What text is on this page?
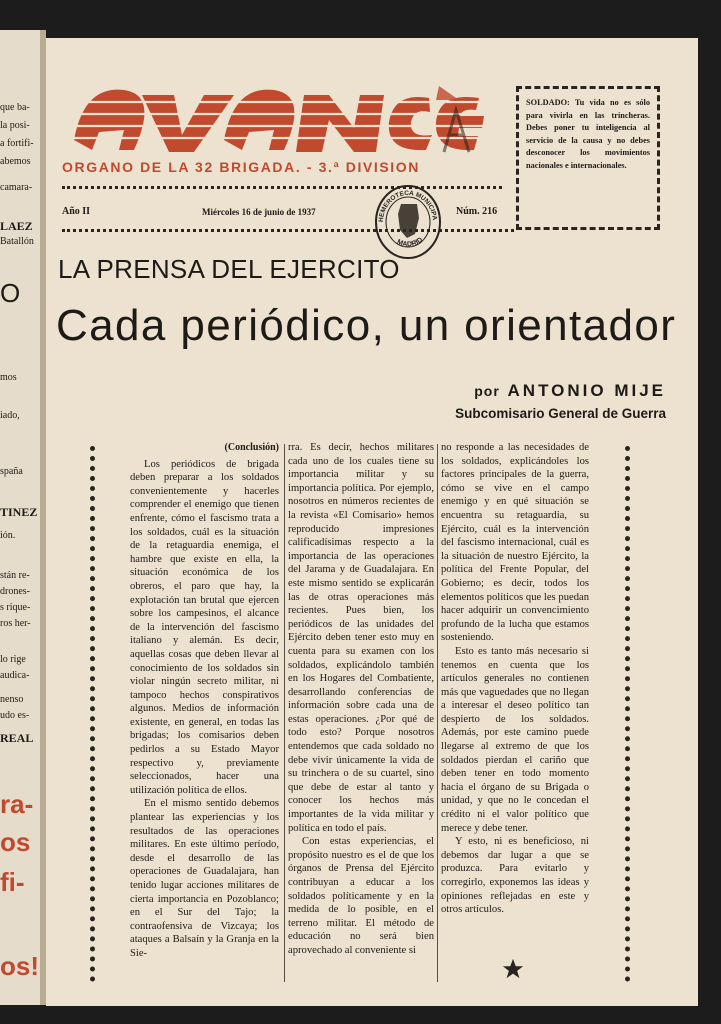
que ba-
la posi-
a fortifi-
abemos
camara-
LAEZ
Batallón
O
mos
iado,
spaña
TINEZ
ión.
stán re-
drones-
s rique-
ros her-
lo rige
audica-
nenso
udo es-
REAL
ra-
os
fi-
os!
ORGANO DE LA 32 BRIGADA. - 3.ª DIVISION
SOLDADO: Tu vida no es sólo para vivirla en las trincheras. Debes poner tu inteligencia al servicio de la causa y no debes desconocer los movimientos nacionales e internacionales.
Año II	Miércoles 16 de junio de 1937	Núm. 216
HEMEROTECA MUNICIPA
MADRID
LA PRENSA DEL EJERCITO
Cada periódico, un orientador
por ANTONIO MIJE
Subcomisario General de Guerra

(Conclusión)

Los periódicos de brigada deben preparar a los soldados convenientemente y hacerles comprender el enemigo que tienen enfrente, cómo el fascismo trata a los soldados, cuál es la situación de la retaguardia enemiga, el hambre que existe en ella, la situación económica de los obreros, el paro que hay, la explotación tan brutal que ejercen sobre los campesinos, el alcance de la intervención del fascismo italiano y alemán. Es decir, aquellas cosas que deben llevar al conocimiento de los soldados sin violar ningún secreto militar, ni tampoco hechos conspirativos algunos. Medios de información existente, en general, en todas las brigadas; los comisarios deben pedirlos a su Estado Mayor respectivo y, previamente seleccionados, hacer una utilización política de ellos.

En el mismo sentido debemos plantear las experiencias y los resultados de las operaciones militares. En este último período, desde el desarrollo de las operaciones de Guadalajara, han tenido lugar acciones militares de cierta importancia en Pozoblanco; en el Sur del Tajo; la contraofensiva de Vizcaya; los ataques a Balsaín y la Granja en la Sie-

rra. Es decir, hechos militares cada uno de los cuales tiene su importancia militar y su importancia política. Por ejemplo, nosotros en números recientes de la revista «El Comisario» hemos reproducido impresiones calificadísimas respecto a la importancia de las operaciones del Jarama y de Guadalajara. En este mismo sentido se explicarán las de otras operaciones más recientes. Pues bien, los periódicos de las unidades del Ejército deben tener esto muy en cuenta para su examen con los soldados, explicándolo también en los Hogares del Combatiente, desarrollando conferencias de información sobre cada una de estas operaciones. ¿Por qué de todo esto? Porque nosotros entendemos que cada soldado no debe vivir únicamente la vida de su trinchera o de su cuartel, sino que debe de estar al tanto y conocer los hechos más importantes de la vida militar y política en todo el país.

Con estas experiencias, el propósito nuestro es el de que los órganos de Prensa del Ejército contribuyan a educar a los soldados políticamente y en la medida de lo posible, en el terreno militar. El método de educación no será bien aprovechado al conveniente si

no responde a las necesidades de los soldados, explicándoles los factores principales de la guerra, cómo se vive en el campo enemigo y en qué situación se encuentra su retaguardia, su Ejército, cuál es la intervención del fascismo internacional, cuál es la situación de nuestro Ejército, la política del Frente Popular, del Gobierno; es decir, todos los elementos políticos que les puedan hacer adquirir un convencimiento profundo de la lucha que estamos sosteniendo.

Esto es tanto más necesario si tenemos en cuenta que los artículos generales no contienen más que vaguedades que no llegan a interesar el deseo político tan despierto de los soldados. Además, por este camino puede llegarse al extremo de que los soldados pierdan el cariño que deben tener en todo momento hacia el órgano de su Brigada o unidad, y que no le concedan el crédito ni el valor político que merece y debe tener.

Y esto, ni es beneficioso, ni debemos dar lugar a que se produzca. Para evitarlo y corregirlo, exponemos las ideas y opiniones reflejadas en este y otros artículos.
